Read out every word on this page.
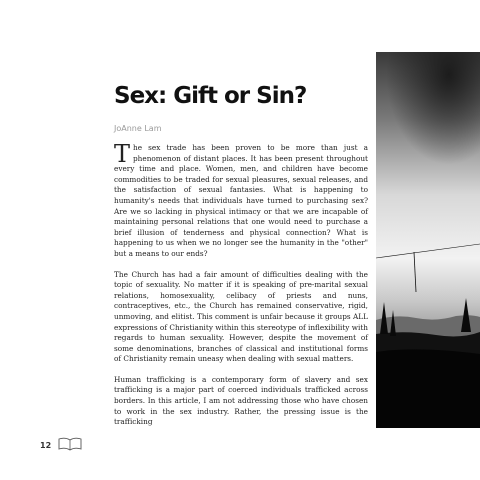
Sex: Gift or Sin?
JoAnne Lam

T he sex trade has been proven to be more than just a phenomenon of distant places. It has been present throughout every time and place. Women, men, and children have become commodities to be traded for sexual pleasures, sexual releases, and the satisfaction of sexual fantasies. What is happening to humanity's needs that individuals have turned to purchasing sex? Are we so lacking in physical intimacy or that we are incapable of maintaining personal relations that one would need to purchase a brief illusion of tenderness and physical connection? What is happening to us when we no longer see the humanity in the "other" but a means to our ends?

The Church has had a fair amount of difficulties dealing with the topic of sexuality. No matter if it is speaking of pre-marital sexual relations, homosexuality, celibacy of priests and nuns, contraceptives, etc., the Church has remained conservative, rigid, unmoving, and elitist. This comment is unfair because it groups ALL expressions of Christianity within this stereotype of inflexibility with regards to human sexuality. However, despite the movement of some denominations, branches of classical and institutional forms of Christianity remain uneasy when dealing with sexual matters.

Human trafficking is a contemporary form of slavery and sex trafficking is a major part of coerced individuals trafficked across borders. In this article, I am not addressing those who have chosen to work in the sex industry. Rather, the pressing issue is the trafficking

12
